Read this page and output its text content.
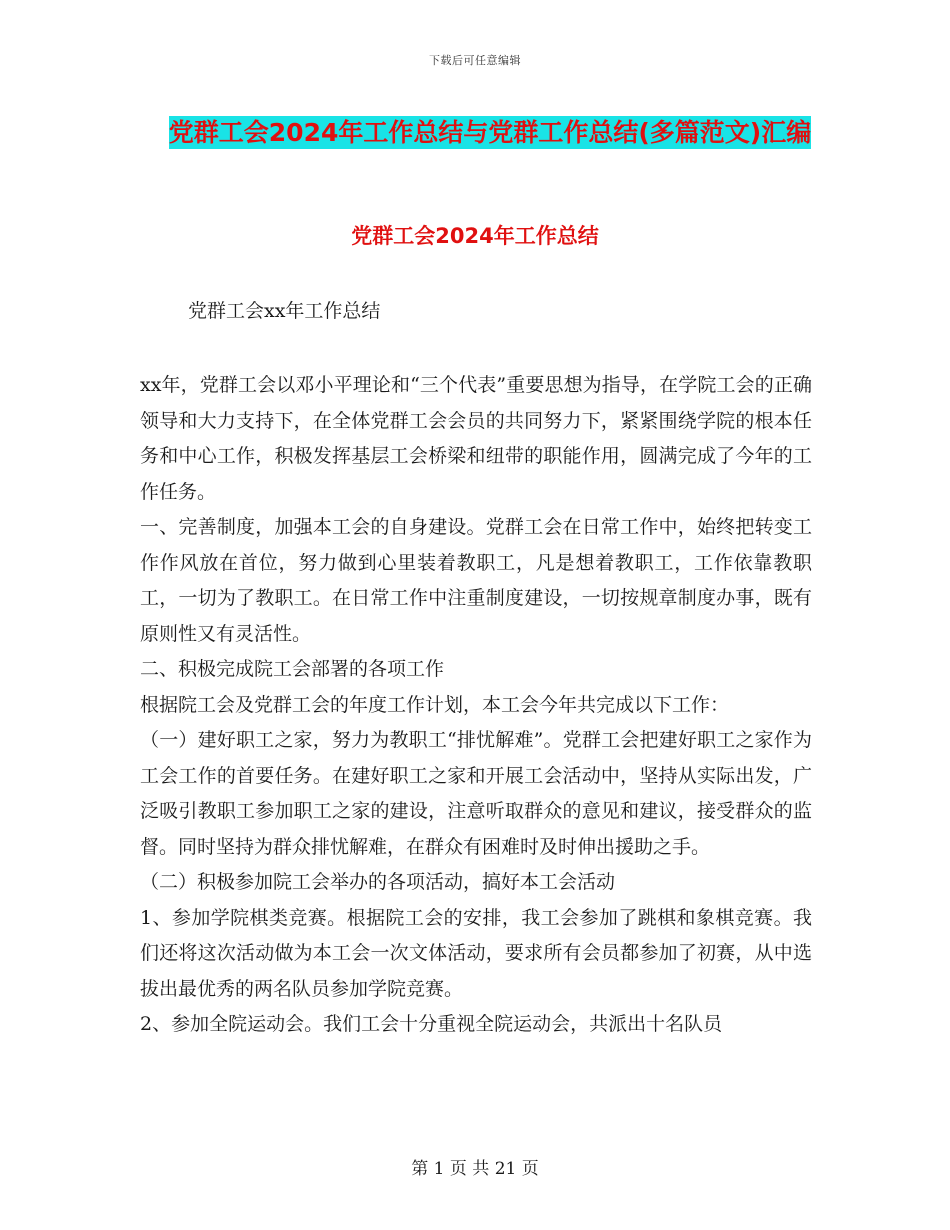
下载后可任意编辑
党群工会2024年工作总结与党群工作总结(多篇范文)汇编
党群工会2024年工作总结
党群工会xx年工作总结

xx年，党群工会以邓小平理论和“三个代表”重要思想为指导，在学院工会的正确领导和大力支持下，在全体党群工会会员的共同努力下，紧紧围绕学院的根本任务和中心工作，积极发挥基层工会桥梁和纽带的职能作用，圆满完成了今年的工作任务。

一、完善制度，加强本工会的自身建设。党群工会在日常工作中，始终把转变工作作风放在首位，努力做到心里装着教职工，凡是想着教职工，工作依靠教职工，一切为了教职工。在日常工作中注重制度建设，一切按规章制度办事，既有原则性又有灵活性。

二、积极完成院工会部署的各项工作

根据院工会及党群工会的年度工作计划，本工会今年共完成以下工作：

（一）建好职工之家，努力为教职工“排忧解难”。党群工会把建好职工之家作为工会工作的首要任务。在建好职工之家和开展工会活动中，坚持从实际出发，广泛吸引教职工参加职工之家的建设，注意听取群众的意见和建议，接受群众的监督。同时坚持为群众排忧解难，在群众有困难时及时伸出援助之手。

（二）积极参加院工会举办的各项活动，搞好本工会活动

1、参加学院棋类竞赛。根据院工会的安排，我工会参加了跳棋和象棋竞赛。我们还将这次活动做为本工会一次文体活动，要求所有会员都参加了初赛，从中选拔出最优秀的两名队员参加学院竞赛。

2、参加全院运动会。我们工会十分重视全院运动会，共派出十名队员

第 1 页 共 21 页
